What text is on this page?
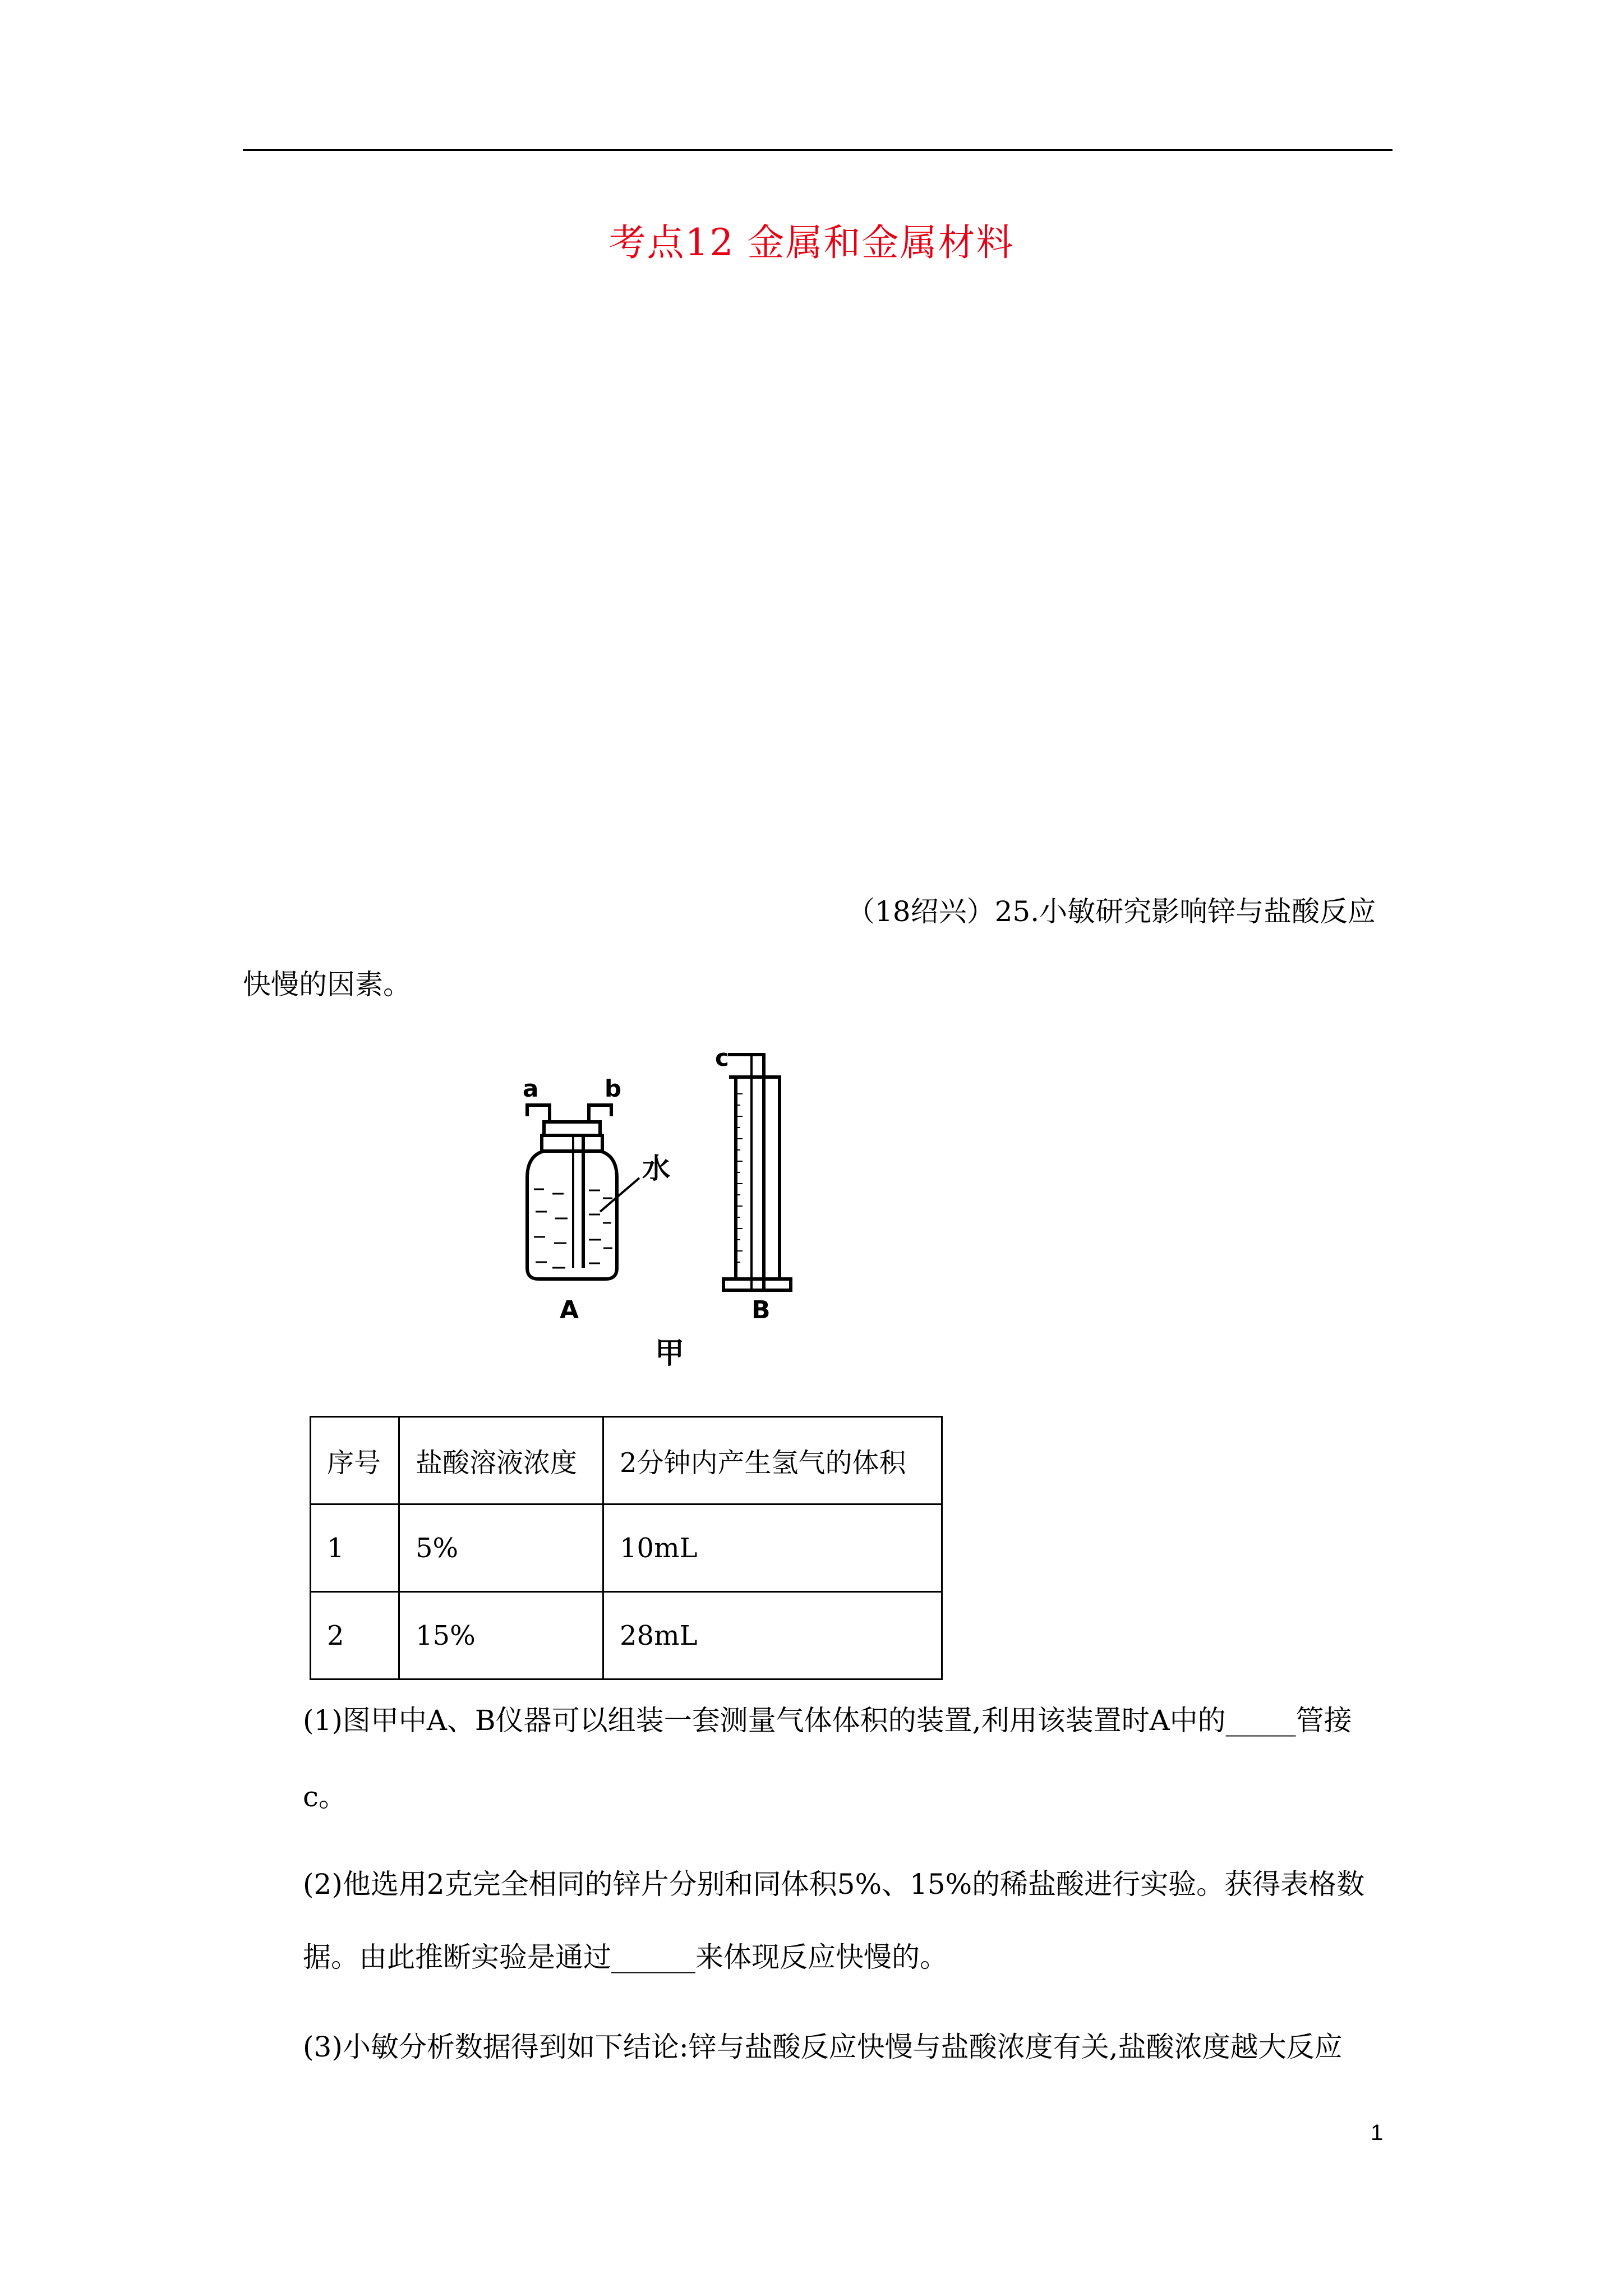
考点12 金属和金属材料
（18绍兴）25.小敏研究影响锌与盐酸反应
快慢的因素。
水
a	b
A
c
B
甲
序号	盐酸溶液浓度	2分钟内产生氢气的体积
1	5%	10mL
2	15%	28mL
(1)图甲中A、B仪器可以组装一套测量气体体积的装置,利用该装置时A中的_____管接
c。
(2)他选用2克完全相同的锌片分别和同体积5%、15%的稀盐酸进行实验。获得表格数
据。由此推断实验是通过______来体现反应快慢的。
(3)小敏分析数据得到如下结论:锌与盐酸反应快慢与盐酸浓度有关,盐酸浓度越大反应
1
